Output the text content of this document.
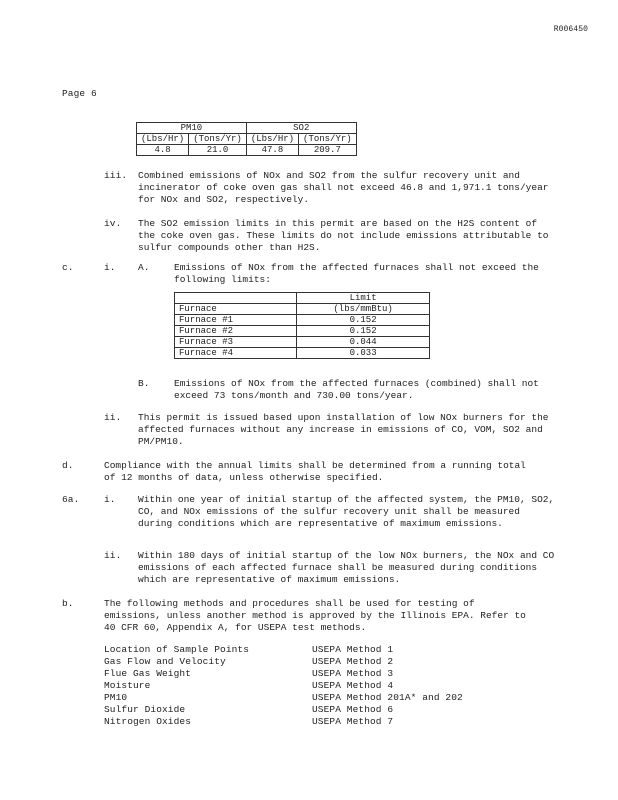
R006450
Page 6
PM10		SO2	
(Lbs/Hr)	(Tons/Yr)	(Lbs/Hr)	(Tons/Yr)
4.8	21.0	47.8	209.7
iii. Combined emissions of NOx and SO2 from the sulfur recovery unit and incinerator of coke oven gas shall not exceed 46.8 and 1,971.1 tons/year for NOx and SO2, respectively.
iv. The SO2 emission limits in this permit are based on the H2S content of the coke oven gas. These limits do not include emissions attributable to sulfur compounds other than H2S.
c.	i. A.	Emissions of NOx from the affected furnaces shall not exceed the following limits:
	Limit
Furnace	(lbs/mmBtu)
Furnace #1	0.152
Furnace #2	0.152
Furnace #3	0.044
Furnace #4	0.033
B.	Emissions of NOx from the affected furnaces (combined) shall not exceed 73 tons/month and 730.00 tons/year.
ii. This permit is issued based upon installation of low NOx burners for the affected furnaces without any increase in emissions of CO, VOM, SO2 and PM/PM10.
d.	Compliance with the annual limits shall be determined from a running total of 12 months of data, unless otherwise specified.
6a.	i. Within one year of initial startup of the affected system, the PM10, SO2, CO, and NOx emissions of the sulfur recovery unit shall be measured during conditions which are representative of maximum emissions.
ii. Within 180 days of initial startup of the low NOx burners, the NOx and CO emissions of each affected furnace shall be measured during conditions which are representative of maximum emissions.
b.	The following methods and procedures shall be used for testing of emissions, unless another method is approved by the Illinois EPA. Refer to 40 CFR 60, Appendix A, for USEPA test methods.
Location of Sample Points	USEPA Method 1
Gas Flow and Velocity	USEPA Method 2
Flue Gas Weight	USEPA Method 3
Moisture	USEPA Method 4
PM10	USEPA Method 201A* and 202
Sulfur Dioxide	USEPA Method 6
Nitrogen Oxides	USEPA Method 7
